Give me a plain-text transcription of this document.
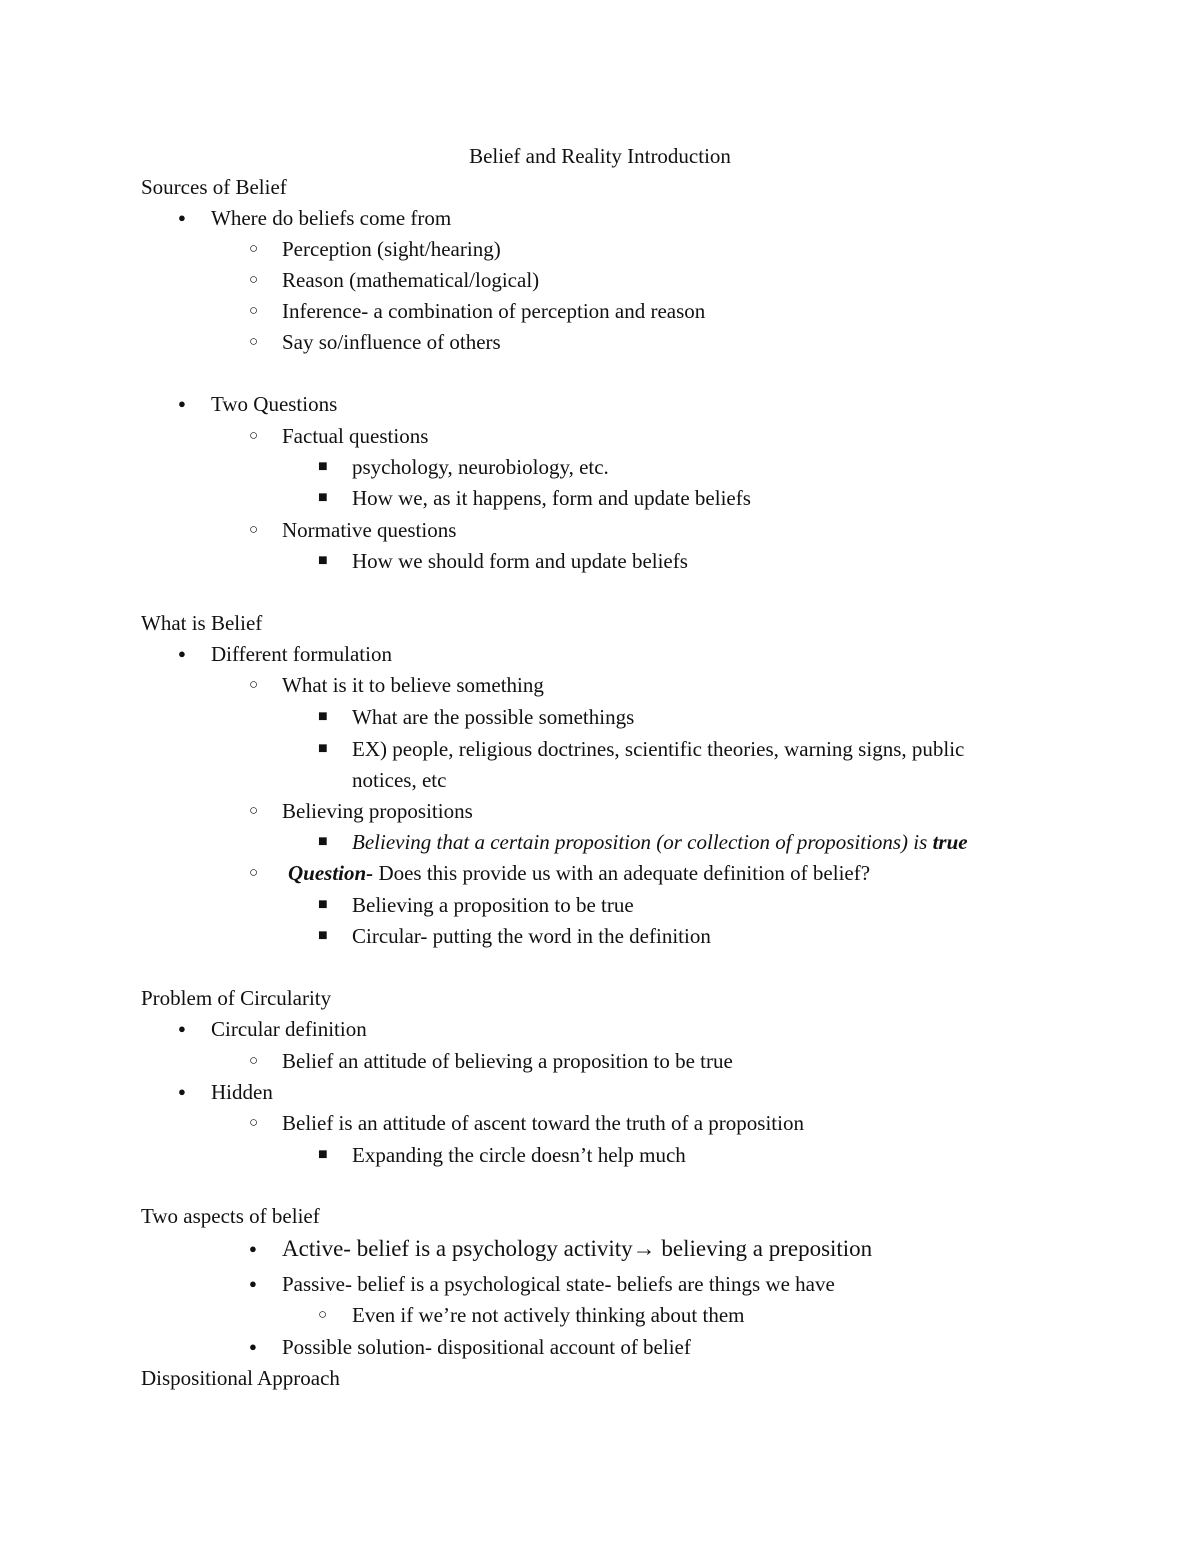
Belief and Reality Introduction
Sources of Belief
● Where do beliefs come from
○ Perception (sight/hearing)
○ Reason (mathematical/logical)
○ Inference- a combination of perception and reason
○ Say so/influence of others
● Two Questions
○ Factual questions
■ psychology, neurobiology, etc.
■ How we, as it happens, form and update beliefs
○ Normative questions
■ How we should form and update beliefs
What is Belief
● Different formulation
○ What is it to believe something
■ What are the possible somethings
■ EX) people, religious doctrines, scientific theories, warning signs, public
notices, etc
○ Believing propositions
■ Believing that a certain proposition (or collection of propositions) is true
○ Question- Does this provide us with an adequate definition of belief?
■ Believing a proposition to be true
■ Circular- putting the word in the definition
Problem of Circularity
● Circular definition
○ Belief an attitude of believing a proposition to be true
● Hidden
○ Belief is an attitude of ascent toward the truth of a proposition
■ Expanding the circle doesn’t help much
Two aspects of belief
● Active- belief is a psychology activity→ believing a preposition
● Passive- belief is a psychological state- beliefs are things we have
○ Even if we’re not actively thinking about them
● Possible solution- dispositional account of belief
Dispositional Approach
